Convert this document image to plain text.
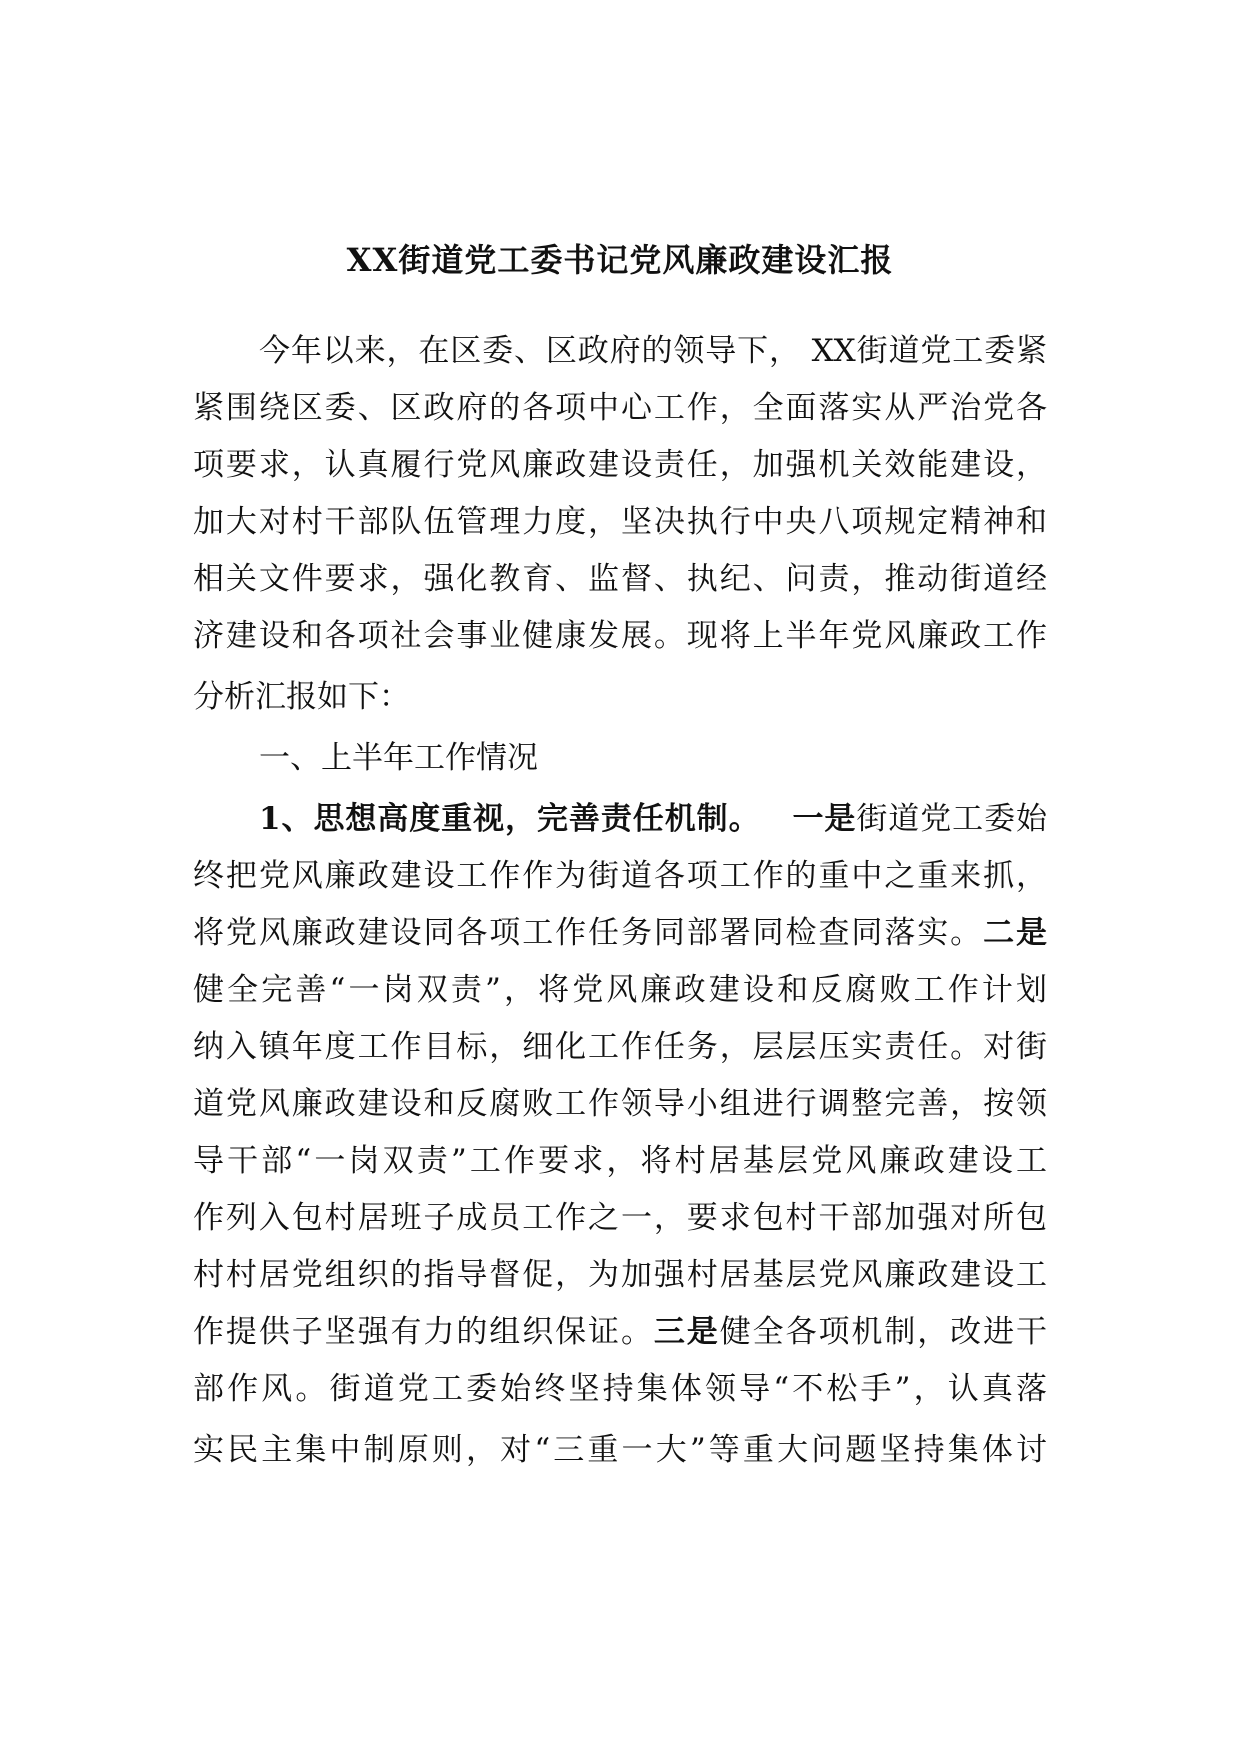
XX街道党工委书记党风廉政建设汇报
今年以来，在区委、区政府的领导下， XX街道党工委紧
紧围绕区委、区政府的各项中心工作，全面落实从严治党各
项要求，认真履行党风廉政建设责任，加强机关效能建设，
加大对村干部队伍管理力度，坚决执行中央八项规定精神和
相关文件要求，强化教育、监督、执纪、问责，推动街道经
济建设和各项社会事业健康发展。现将上半年党风廉政工作
分析汇报如下：
一、上半年工作情况
1、思想高度重视，完善责任机制。  一是街道党工委始
终把党风廉政建设工作作为街道各项工作的重中之重来抓，
将党风廉政建设同各项工作任务同部署同检查同落实。二是
健全完善“一岗双责”，将党风廉政建设和反腐败工作计划
纳入镇年度工作目标，细化工作任务，层层压实责任。对街
道党风廉政建设和反腐败工作领导小组进行调整完善，按领
导干部“一岗双责”工作要求，将村居基层党风廉政建设工
作列入包村居班子成员工作之一，要求包村干部加强对所包
村村居党组织的指导督促，为加强村居基层党风廉政建设工
作提供子坚强有力的组织保证。三是健全各项机制，改进干
部作风。街道党工委始终坚持集体领导“不松手”，认真落
实民主集中制原则，对“三重一大”等重大问题坚持集体讨
